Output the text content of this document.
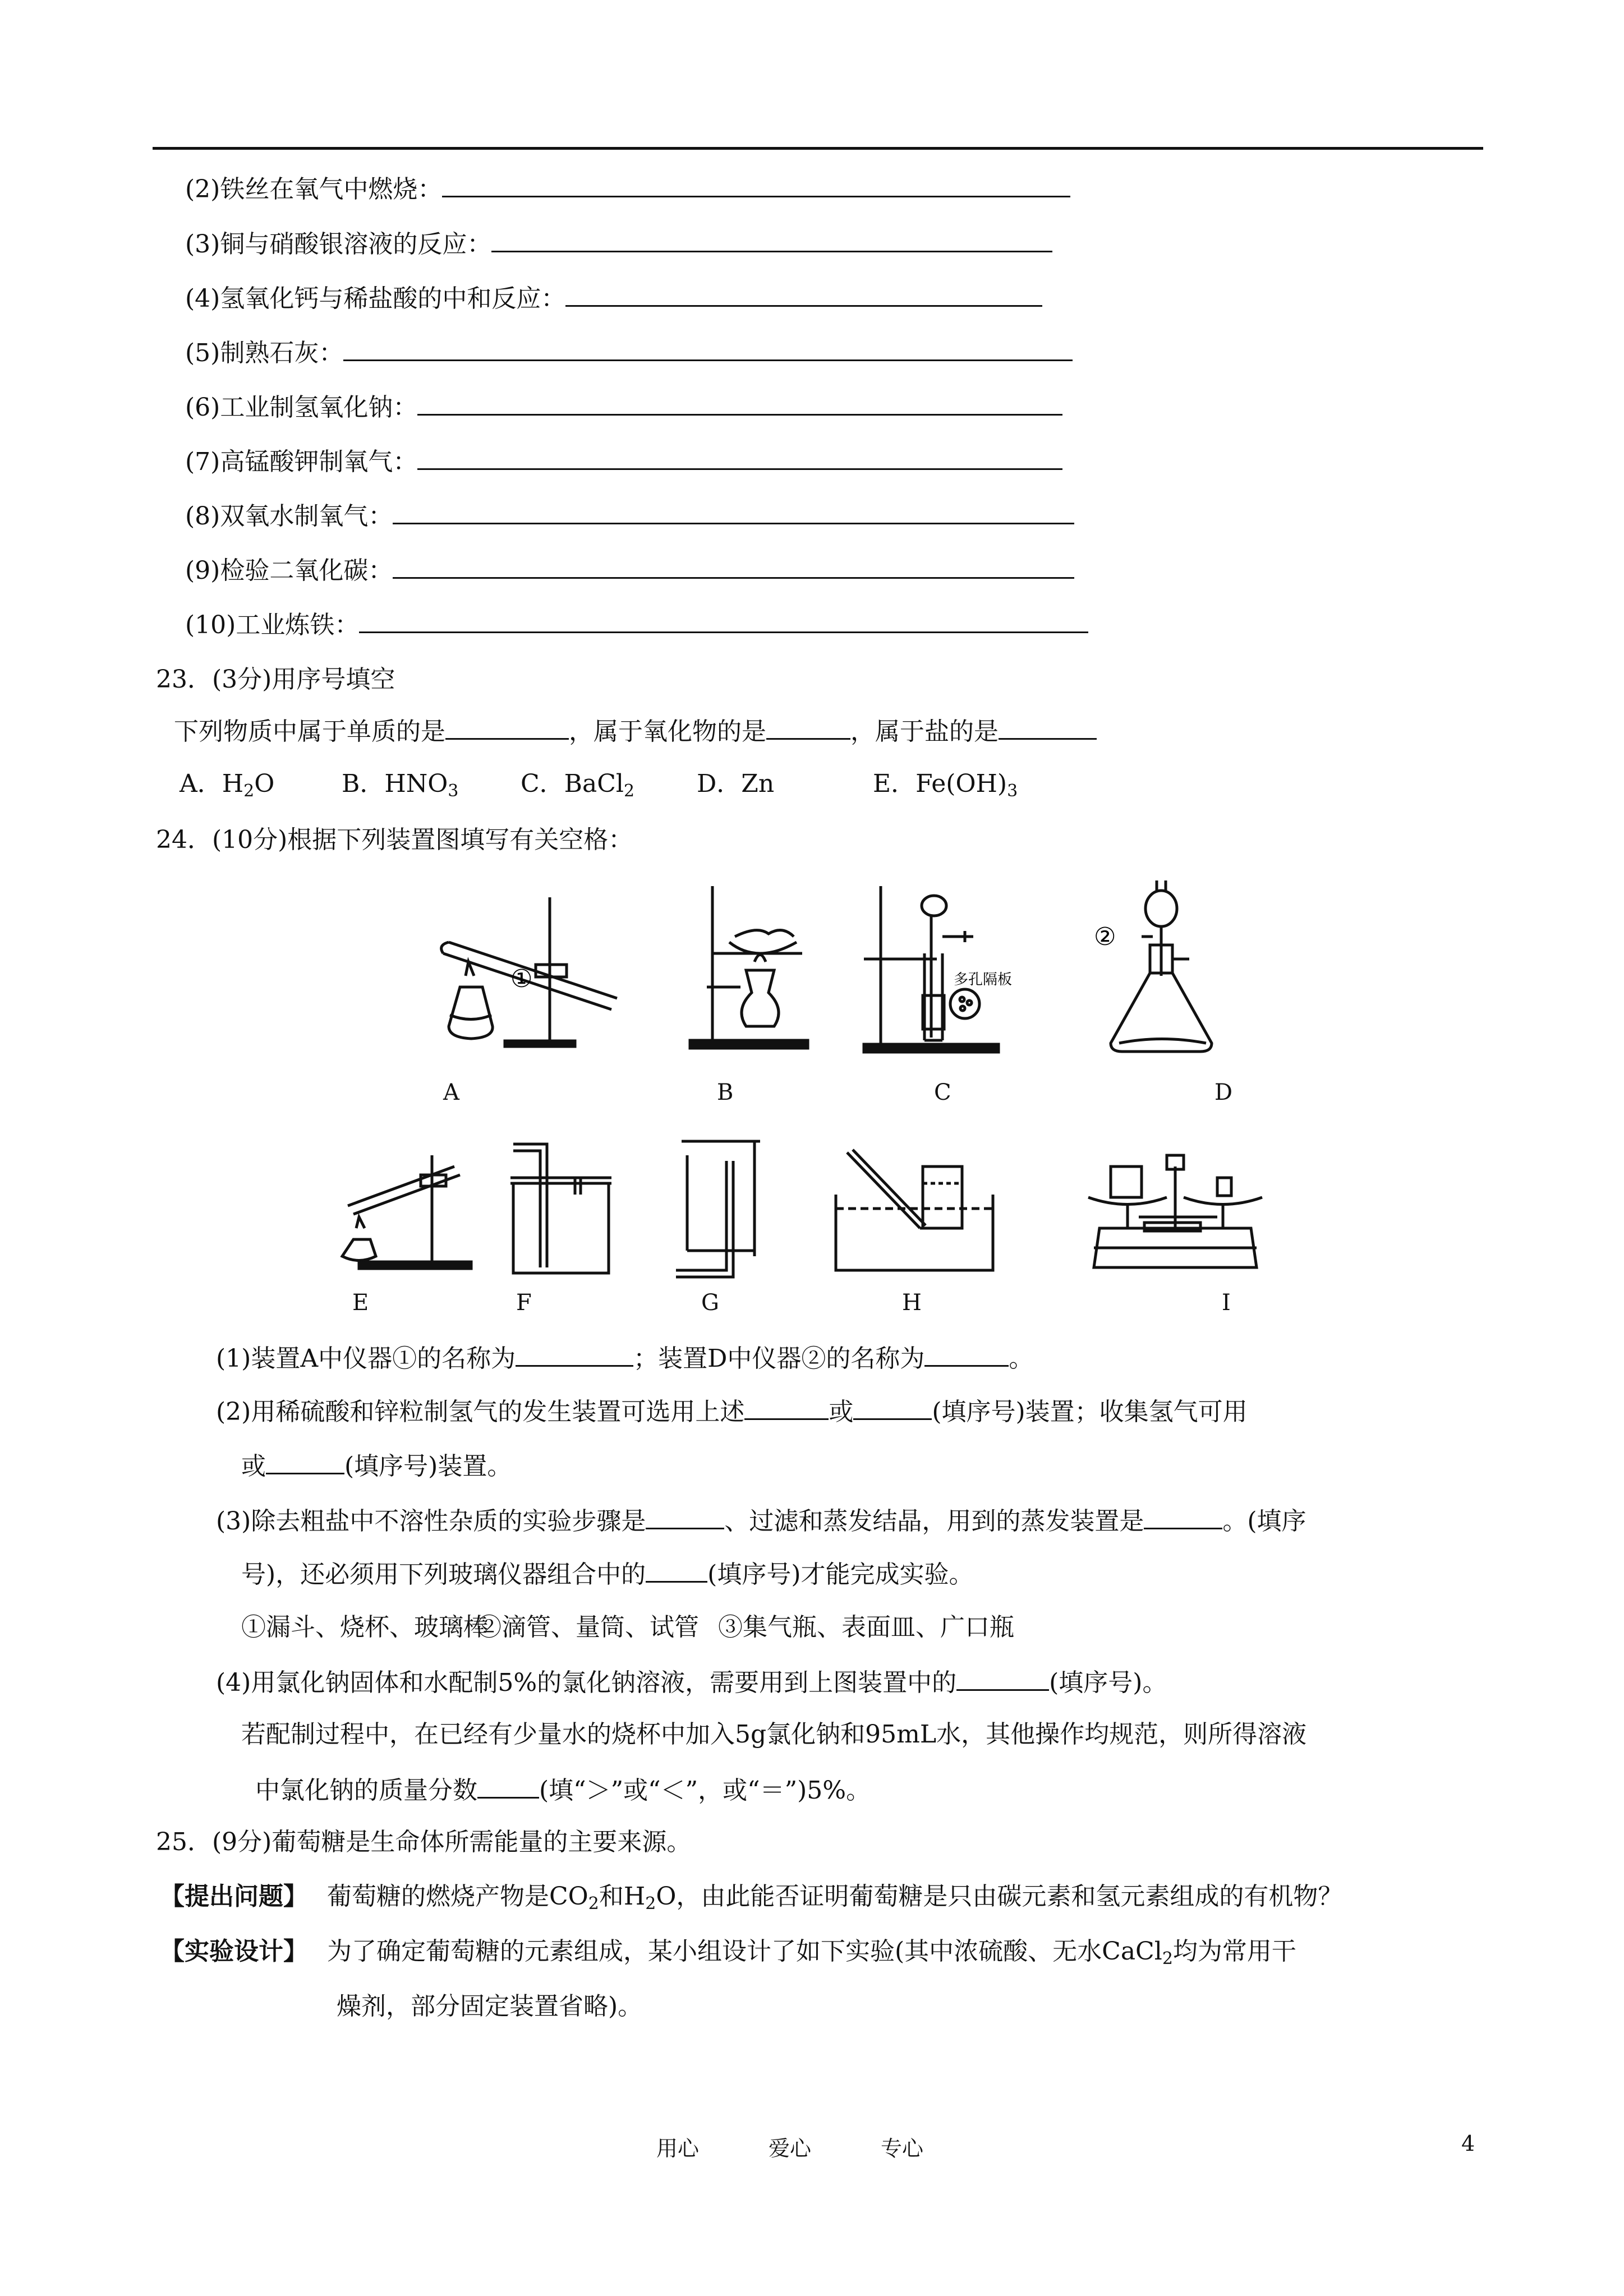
(2)铁丝在氧气中燃烧：
(3)铜与硝酸银溶液的反应：
(4)氢氧化钙与稀盐酸的中和反应：
(5)制熟石灰：
(6)工业制氢氧化钠：
(7)高锰酸钾制氧气：
(8)双氧水制氧气：
(9)检验二氧化碳：
(10)工业炼铁：
23．(3分)用序号填空
下列物质中属于单质的是	，属于氧化物的是	，属于盐的是
A．$H_2O$	B．$HNO_3$	C．BaCl$_2$	D．Zn	E．$Fe(OH)_3$
24．(10分)根据下列装置图填写有关空格：
①	多孔隔板
②
A	B	C	D
E	F	G	H	I
(1)装置A中仪器①的名称为	；装置D中仪器②的名称为	。
(2)用稀硫酸和锌粒制氢气的发生装置可选用上述	或	(填序号)装置；收集氢气可用
或	(填序号)装置。
(3)除去粗盐中不溶性杂质的实验步骤是	、过滤和蒸发结晶，用到的蒸发装置是	。(填序
号)，还必须用下列玻璃仪器组合中的	(填序号)才能完成实验。
①漏斗、烧杯、玻璃棒②滴管、量筒、试管 ③集气瓶、表面皿、广口瓶
(4)用氯化钠固体和水配制5%的氯化钠溶液，需要用到上图装置中的	(填序号)。
若配制过程中，在已经有少量水的烧杯中加入5g氯化钠和95mL水，其他操作均规范，则所得溶液
中氯化钠的质量分数	(填“＞”或“＜”，或“＝”)5%。
25．(9分)葡萄糖是生命体所需能量的主要来源。
【提出问题】 葡萄糖的燃烧产物是$CO_2$和$H_2O$，由此能否证明葡萄糖是只由碳元素和氢元素组成的有机物？
【实验设计】 为了确定葡萄糖的元素组成，某小组设计了如下实验(其中浓硫酸、无水CaCl$_2$均为常用干
燥剂，部分固定装置省略)。
用心	爱心	专心	4
